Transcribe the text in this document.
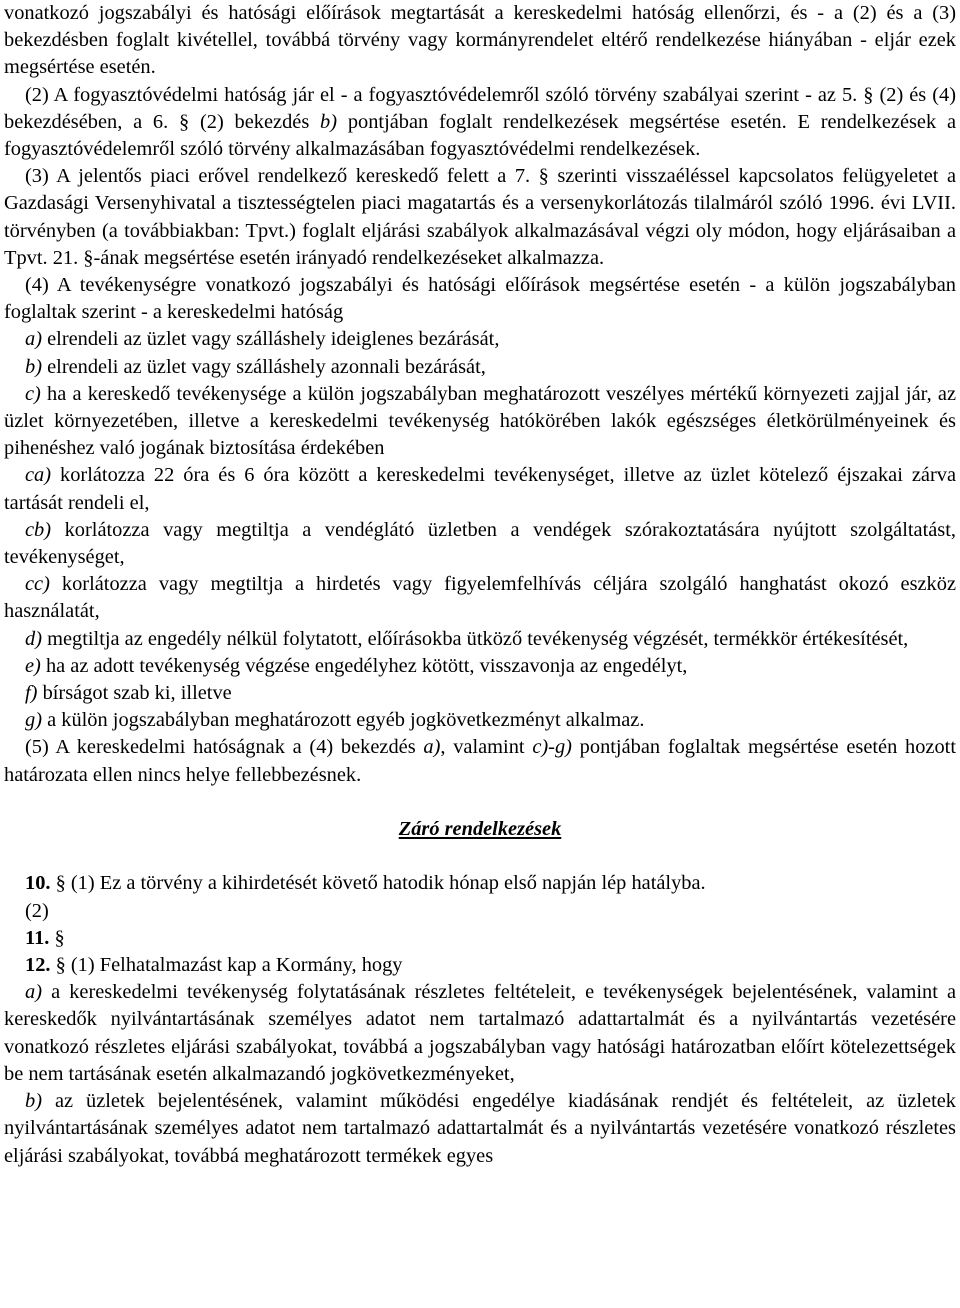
vonatkozó jogszabályi és hatósági előírások megtartását a kereskedelmi hatóság ellenőrzi, és - a (2) és a (3) bekezdésben foglalt kivétellel, továbbá törvény vagy kormányrendelet eltérő rendelkezése hiányában - eljár ezek megsértése esetén.

(2) A fogyasztóvédelmi hatóság jár el - a fogyasztóvédelemről szóló törvény szabályai szerint - az 5. § (2) és (4) bekezdésében, a 6. § (2) bekezdés b) pontjában foglalt rendelkezések megsértése esetén. E rendelkezések a fogyasztóvédelemről szóló törvény alkalmazásában fogyasztóvédelmi rendelkezések.

(3) A jelentős piaci erővel rendelkező kereskedő felett a 7. § szerinti visszaéléssel kapcsolatos felügyeletet a Gazdasági Versenyhivatal a tisztességtelen piaci magatartás és a versenykorlátozás tilalmáról szóló 1996. évi LVII. törvényben (a továbbiakban: Tpvt.) foglalt eljárási szabályok alkalmazásával végzi oly módon, hogy eljárásaiban a Tpvt. 21. §-ának megsértése esetén irányadó rendelkezéseket alkalmazza.

(4) A tevékenységre vonatkozó jogszabályi és hatósági előírások megsértése esetén - a külön jogszabályban foglaltak szerint - a kereskedelmi hatóság

a) elrendeli az üzlet vagy szálláshely ideiglenes bezárását,

b) elrendeli az üzlet vagy szálláshely azonnali bezárását,

c) ha a kereskedő tevékenysége a külön jogszabályban meghatározott veszélyes mértékű környezeti zajjal jár, az üzlet környezetében, illetve a kereskedelmi tevékenység hatókörében lakók egészséges életkörülményeinek és pihenéshez való jogának biztosítása érdekében

ca) korlátozza 22 óra és 6 óra között a kereskedelmi tevékenységet, illetve az üzlet kötelező éjszakai zárva tartását rendeli el,

cb) korlátozza vagy megtiltja a vendéglátó üzletben a vendégek szórakoztatására nyújtott szolgáltatást, tevékenységet,

cc) korlátozza vagy megtiltja a hirdetés vagy figyelemfelhívás céljára szolgáló hanghatást okozó eszköz használatát,

d) megtiltja az engedély nélkül folytatott, előírásokba ütköző tevékenység végzését, termékkör értékesítését,

e) ha az adott tevékenység végzése engedélyhez kötött, visszavonja az engedélyt,

f) bírságot szab ki, illetve

g) a külön jogszabályban meghatározott egyéb jogkövetkezményt alkalmaz.

(5) A kereskedelmi hatóságnak a (4) bekezdés a), valamint c)-g) pontjában foglaltak megsértése esetén hozott határozata ellen nincs helye fellebbezésnek.

Záró rendelkezések

10. § (1) Ez a törvény a kihirdetését követő hatodik hónap első napján lép hatályba.

(2)

11. §

12. § (1) Felhatalmazást kap a Kormány, hogy

a) a kereskedelmi tevékenység folytatásának részletes feltételeit, e tevékenységek bejelentésének, valamint a kereskedők nyilvántartásának személyes adatot nem tartalmazó adattartalmát és a nyilvántartás vezetésére vonatkozó részletes eljárási szabályokat, továbbá a jogszabályban vagy hatósági határozatban előírt kötelezettségek be nem tartásának esetén alkalmazandó jogkövetkezményeket,

b) az üzletek bejelentésének, valamint működési engedélye kiadásának rendjét és feltételeit, az üzletek nyilvántartásának személyes adatot nem tartalmazó adattartalmát és a nyilvántartás vezetésére vonatkozó részletes eljárási szabályokat, továbbá meghatározott termékek egyes
